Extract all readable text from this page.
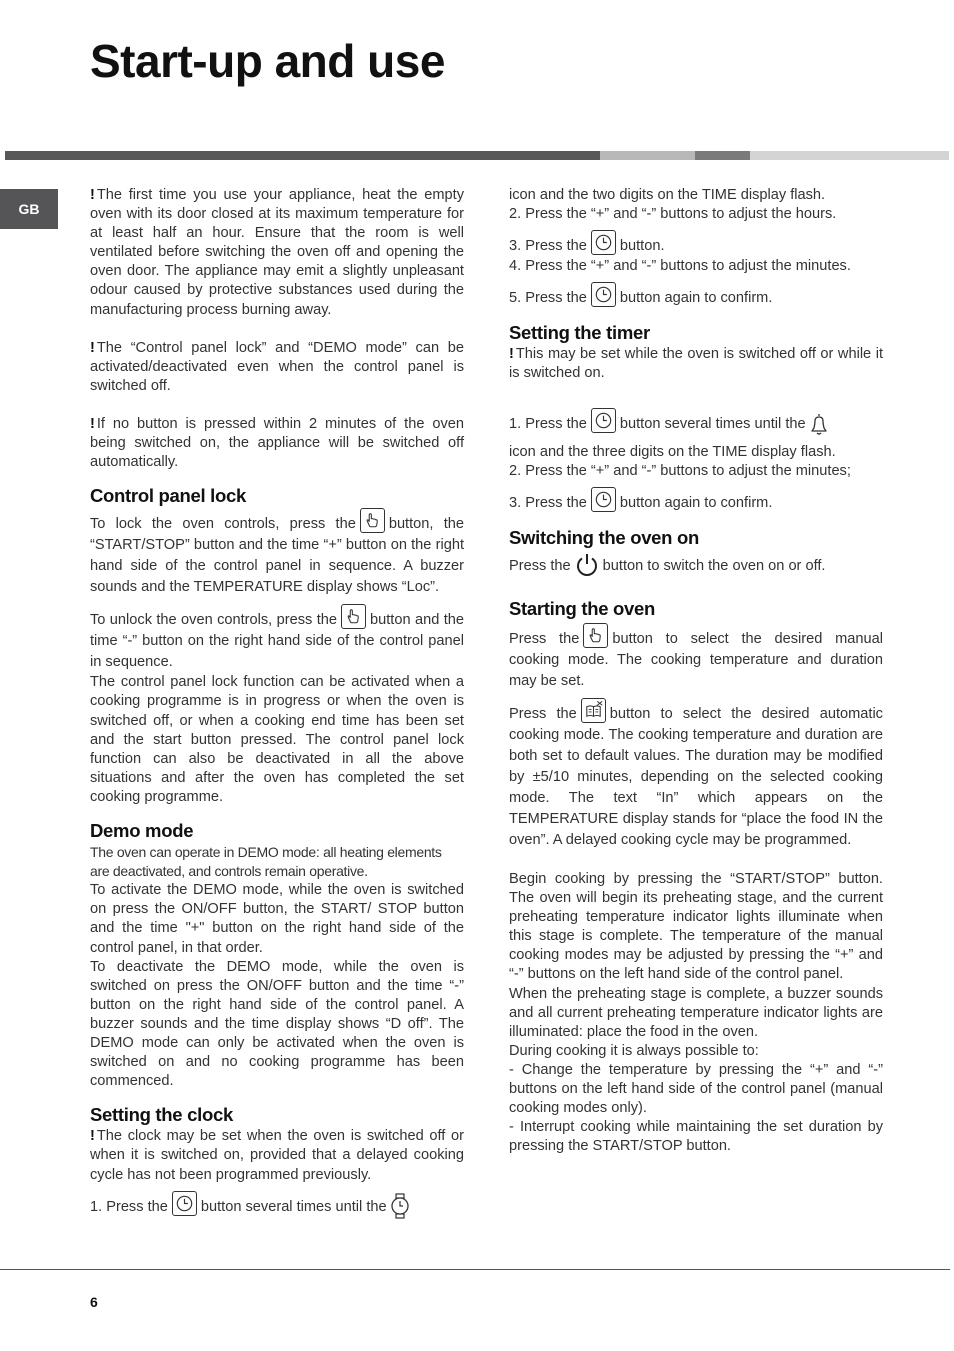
Start-up and use
GB

! The first time you use your appliance, heat the empty oven with its door closed at its maximum temperature for at least half an hour. Ensure that the room is well ventilated before switching the oven off and opening the oven door. The appliance may emit a slightly unpleasant odour caused by protective substances used during the manufacturing process burning away.

! The “Control panel lock” and “DEMO mode” can be activated/deactivated even when the control panel is switched off.

! If no button is pressed within 2 minutes of the oven being switched on, the appliance will be switched off automatically.

Control panel lock

To lock the oven controls, press the button, the “START/STOP” button and the time “+” button on the right hand side of the control panel in sequence. A buzzer sounds and the TEMPERATURE display shows “Loc”.

To unlock the oven controls, press the button and the time “-” button on the right hand side of the control panel in sequence.

The control panel lock function can be activated when a cooking programme is in progress or when the oven is switched off, or when a cooking end time has been set and the start button pressed. The control panel lock function can also be deactivated in all the above situations and after the oven has completed the set cooking programme.

Demo mode

The oven can operate in DEMO mode: all heating elements are deactivated, and controls remain operative.

To activate the DEMO mode, while the oven is switched on press the ON/OFF button, the START/ STOP button and the time "+" button on the right hand side of the control panel, in that order.

To deactivate the DEMO mode, while the oven is switched on press the ON/OFF button and the time “-” button on the right hand side of the control panel. A buzzer sounds and the time display shows “D off”. The DEMO mode can only be activated when the oven is switched on and no cooking programme has been commenced.

Setting the clock

! The clock may be set when the oven is switched off or when it is switched on, provided that a delayed cooking cycle has not been programmed previously.

1. Press the button several times until the

icon and the two digits on the TIME display flash.

2. Press the “+” and “-” buttons to adjust the hours.

3. Press the button.

4. Press the “+” and “-” buttons to adjust the minutes.

5. Press the button again to confirm.

Setting the timer

! This may be set while the oven is switched off or while it is switched on.

1. Press the button several times until the

icon and the three digits on the TIME display flash.

2. Press the “+” and “-” buttons to adjust the minutes;

3. Press the button again to confirm.

Switching the oven on

Press the button to switch the oven on or off.

Starting the oven

Press the button to select the desired manual cooking mode. The cooking temperature and duration may be set.

Press the button to select the desired automatic cooking mode. The cooking temperature and duration are both set to default values. The duration may be modified by ±5/10 minutes, depending on the selected cooking mode. The text “In” which appears on the TEMPERATURE display stands for “place the food IN the oven”. A delayed cooking cycle may be programmed.

Begin cooking by pressing the “START/STOP” button. The oven will begin its preheating stage, and the current preheating temperature indicator lights illuminate when this stage is complete. The temperature of the manual cooking modes may be adjusted by pressing the “+” and “-” buttons on the left hand side of the control panel.

When the preheating stage is complete, a buzzer sounds and all current preheating temperature indicator lights are illuminated: place the food in the oven.

During cooking it is always possible to:

- Change the temperature by pressing the “+” and “-” buttons on the left hand side of the control panel (manual cooking modes only).

- Interrupt cooking while maintaining the set duration by pressing the START/STOP button.

6
